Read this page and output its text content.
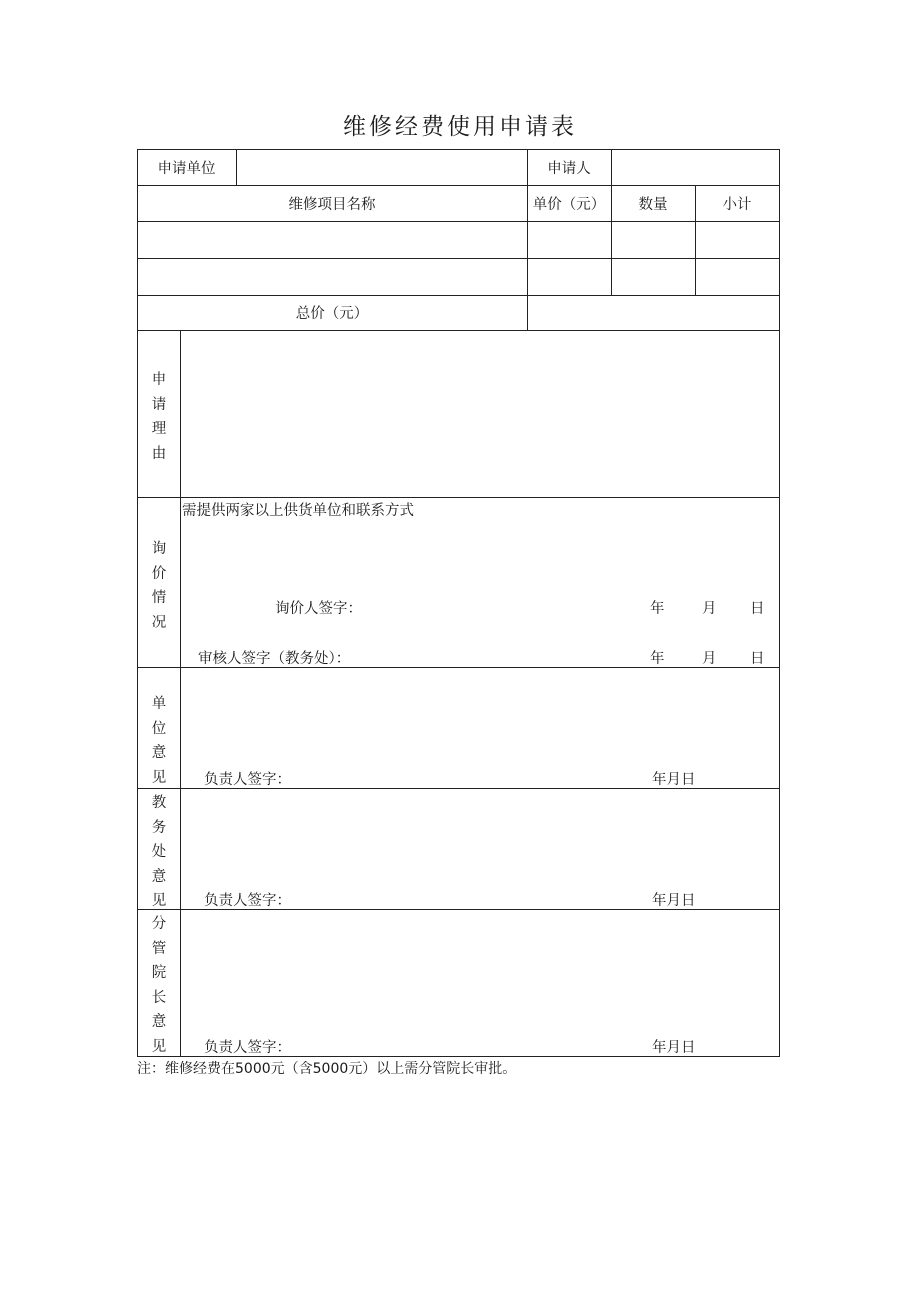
维修经费使用申请表
申请单位	申请人
维修项目名称	单价（元）	数量	小计
总价（元）
申
请
理
由
询
价
情
况
需提供两家以上供货单位和联系方式
询价人签字：	年	月 日
审核人签字（教务处）：	年	月 日
单
位
意
见	负责人签字：	年月日
教
务
处
意
见	负责人签字：	年月日
分
管
院
长
意
见	负责人签字：	年月日
注：维修经费在5000元（含5000元）以上需分管院长审批。
